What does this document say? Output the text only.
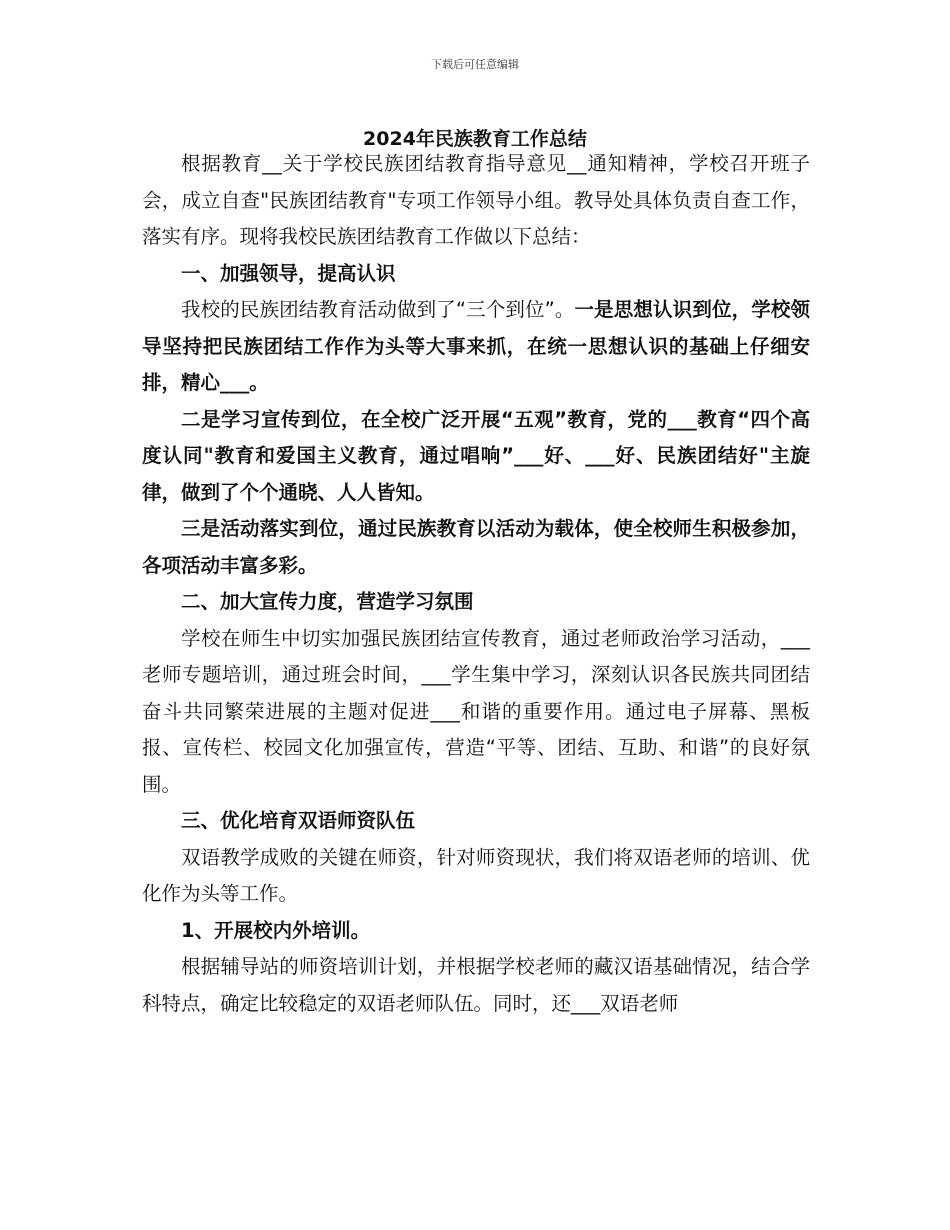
下载后可任意编辑
2024年民族教育工作总结

根据教育__关于学校民族团结教育指导意见__通知精神，学校召开班子会，成立自查"民族团结教育"专项工作领导小组。教导处具体负责自查工作，落实有序。现将我校民族团结教育工作做以下总结：

一、加强领导，提高认识

我校的民族团结教育活动做到了“三个到位”。一是思想认识到位，学校领导坚持把民族团结工作作为头等大事来抓，在统一思想认识的基础上仔细安排，精心___。

二是学习宣传到位，在全校广泛开展“五观”教育，党的___教育“四个高度认同"教育和爱国主义教育，通过唱响”___好、___好、民族团结好"主旋律，做到了个个通晓、人人皆知。

三是活动落实到位，通过民族教育以活动为载体，使全校师生积极参加，各项活动丰富多彩。

二、加大宣传力度，营造学习氛围

学校在师生中切实加强民族团结宣传教育，通过老师政治学习活动，___老师专题培训，通过班会时间，___学生集中学习，深刻认识各民族共同团结奋斗共同繁荣进展的主题对促进___和谐的重要作用。通过电子屏幕、黑板报、宣传栏、校园文化加强宣传，营造“平等、团结、互助、和谐”的良好氛围。

三、优化培育双语师资队伍

双语教学成败的关键在师资，针对师资现状，我们将双语老师的培训、优化作为头等工作。

1、开展校内外培训。

根据辅导站的师资培训计划，并根据学校老师的藏汉语基础情况，结合学科特点，确定比较稳定的双语老师队伍。同时，还___双语老师
